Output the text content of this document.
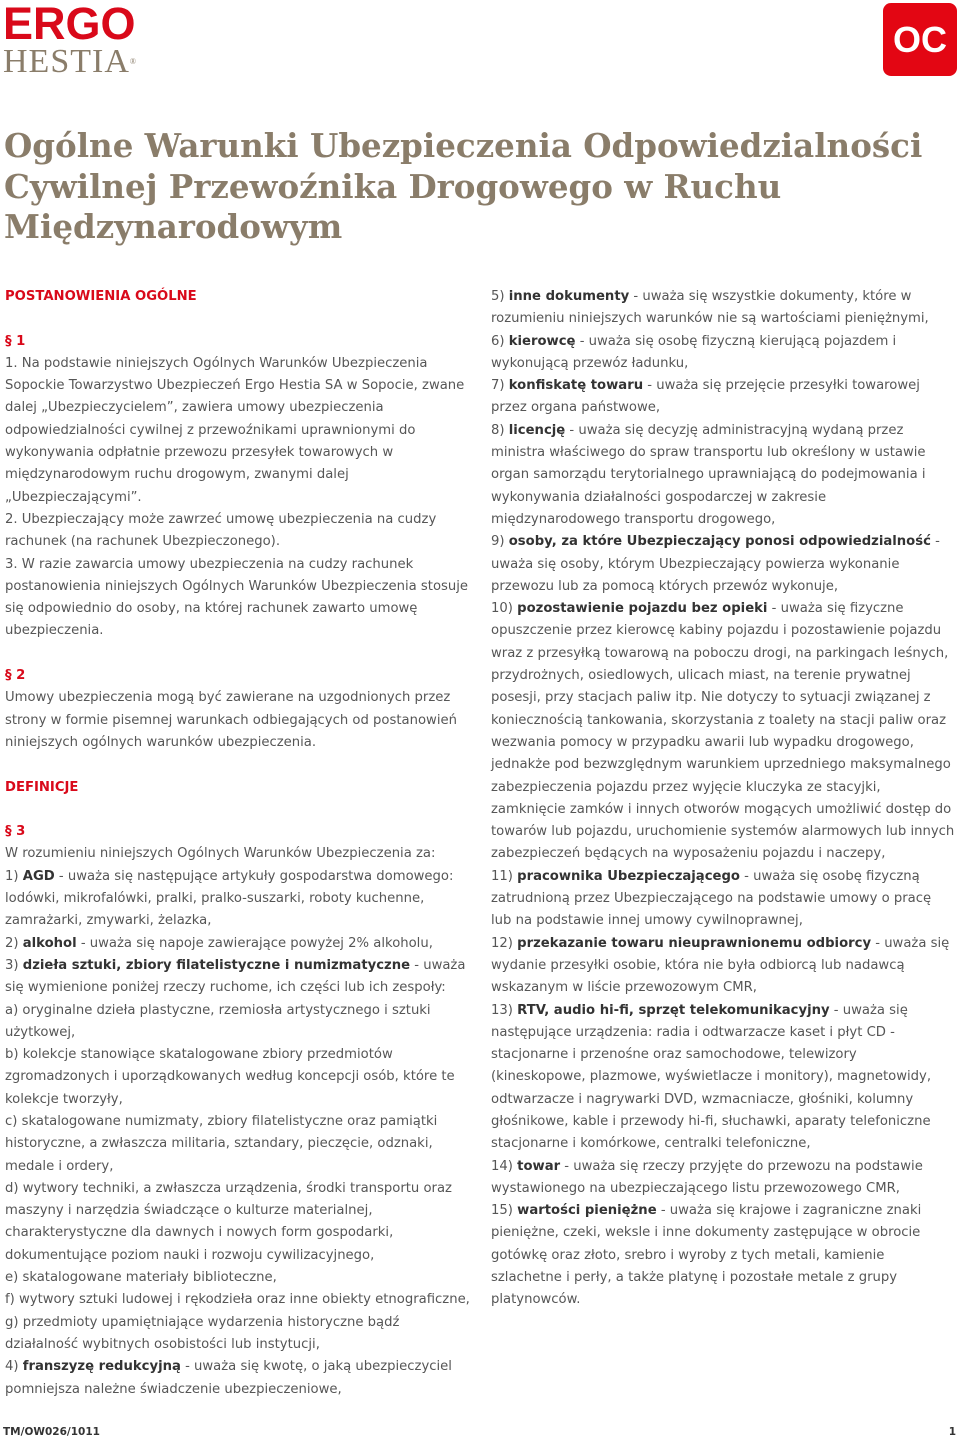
ERGO
HESTIA®
OC
Ogólne Warunki Ubezpieczenia Odpowiedzialności Cywilnej Przewoźnika Drogowego w Ruchu Międzynarodowym

POSTANOWIENIA OGÓLNE

§ 1

1. Na podstawie niniejszych Ogólnych Warunków Ubezpieczenia Sopockie Towarzystwo Ubezpieczeń Ergo Hestia SA w Sopocie, zwane dalej „Ubezpieczycielem”, zawiera umowy ubezpieczenia odpowiedzialności cywilnej z przewoźnikami uprawnionymi do wykonywania odpłatnie przewozu przesyłek towarowych w międzynarodowym ruchu drogowym, zwanymi dalej „Ubezpieczającymi”.

2. Ubezpieczający może zawrzeć umowę ubezpieczenia na cudzy rachunek (na rachunek Ubezpieczonego).

3. W razie zawarcia umowy ubezpieczenia na cudzy rachunek postanowienia niniejszych Ogólnych Warunków Ubezpieczenia stosuje się odpowiednio do osoby, na której rachunek zawarto umowę ubezpieczenia.

§ 2

Umowy ubezpieczenia mogą być zawierane na uzgodnionych przez strony w formie pisemnej warunkach odbiegających od postanowień niniejszych ogólnych warunków ubezpieczenia.

DEFINICJE

§ 3

W rozumieniu niniejszych Ogólnych Warunków Ubezpieczenia za:

1) AGD - uważa się następujące artykuły gospodarstwa domowego: lodówki, mikrofalówki, pralki, pralko-suszarki, roboty kuchenne, zamrażarki, zmywarki, żelazka,

2) alkohol - uważa się napoje zawierające powyżej 2% alkoholu,

3) dzieła sztuki, zbiory filatelistyczne i numizmatyczne - uważa się wymienione poniżej rzeczy ruchome, ich części lub ich zespoły:

a) oryginalne dzieła plastyczne, rzemiosła artystycznego i sztuki użytkowej,

b) kolekcje stanowiące skatalogowane zbiory przedmiotów zgromadzonych i uporządkowanych według koncepcji osób, które te kolekcje tworzyły,

c) skatalogowane numizmaty, zbiory filatelistyczne oraz pamiątki historyczne, a zwłaszcza militaria, sztandary, pieczęcie, odznaki, medale i ordery,

d) wytwory techniki, a zwłaszcza urządzenia, środki transportu oraz maszyny i narzędzia świadczące o kulturze materialnej, charakterystyczne dla dawnych i nowych form gospodarki, dokumentujące poziom nauki i rozwoju cywilizacyjnego,

e) skatalogowane materiały biblioteczne,

f) wytwory sztuki ludowej i rękodzieła oraz inne obiekty etnograficzne,

g) przedmioty upamiętniające wydarzenia historyczne bądź działalność wybitnych osobistości lub instytucji,

4) franszyzę redukcyjną - uważa się kwotę, o jaką ubezpieczyciel pomniejsza należne świadczenie ubezpieczeniowe,

5) inne dokumenty - uważa się wszystkie dokumenty, które w rozumieniu niniejszych warunków nie są wartościami pieniężnymi,

6) kierowcę - uważa się osobę fizyczną kierującą pojazdem i wykonującą przewóz ładunku,

7) konfiskatę towaru - uważa się przejęcie przesyłki towarowej przez organa państwowe,

8) licencję - uważa się decyzję administracyjną wydaną przez ministra właściwego do spraw transportu lub określony w ustawie organ samorządu terytorialnego uprawniającą do podejmowania i wykonywania działalności gospodarczej w zakresie międzynarodowego transportu drogowego,

9) osoby, za które Ubezpieczający ponosi odpowiedzialność - uważa się osoby, którym Ubezpieczający powierza wykonanie przewozu lub za pomocą których przewóz wykonuje,

10) pozostawienie pojazdu bez opieki - uważa się fizyczne opuszczenie przez kierowcę kabiny pojazdu i pozostawienie pojazdu wraz z przesyłką towarową na poboczu drogi, na parkingach leśnych, przydrożnych, osiedlowych, ulicach miast, na terenie prywatnej posesji, przy stacjach paliw itp. Nie dotyczy to sytuacji związanej z koniecznością tankowania, skorzystania z toalety na stacji paliw oraz wezwania pomocy w przypadku awarii lub wypadku drogowego, jednakże pod bezwzględnym warunkiem uprzedniego maksymalnego zabezpieczenia pojazdu przez wyjęcie kluczyka ze stacyjki, zamknięcie zamków i innych otworów mogących umożliwić dostęp do towarów lub pojazdu, uruchomienie systemów alarmowych lub innych zabezpieczeń będących na wyposażeniu pojazdu i naczepy,

11) pracownika Ubezpieczającego - uważa się osobę fizyczną zatrudnioną przez Ubezpieczającego na podstawie umowy o pracę lub na podstawie innej umowy cywilnoprawnej,

12) przekazanie towaru nieuprawnionemu odbiorcy - uważa się wydanie przesyłki osobie, która nie była odbiorcą lub nadawcą wskazanym w liście przewozowym CMR,

13) RTV, audio hi-fi, sprzęt telekomunikacyjny - uważa się następujące urządzenia: radia i odtwarzacze kaset i płyt CD - stacjonarne i przenośne oraz samochodowe, telewizory (kineskopowe, plazmowe, wyświetlacze i monitory), magnetowidy, odtwarzacze i nagrywarki DVD, wzmacniacze, głośniki, kolumny głośnikowe, kable i przewody hi-fi, słuchawki, aparaty telefoniczne stacjonarne i komórkowe, centralki telefoniczne,

14) towar - uważa się rzeczy przyjęte do przewozu na podstawie wystawionego na ubezpieczającego listu przewozowego CMR,

15) wartości pieniężne - uważa się krajowe i zagraniczne znaki pieniężne, czeki, weksle i inne dokumenty zastępujące w obrocie gotówkę oraz złoto, srebro i wyroby z tych metali, kamienie szlachetne i perły, a także platynę i pozostałe metale z grupy platynowców.

TM/OW026/1011	1
